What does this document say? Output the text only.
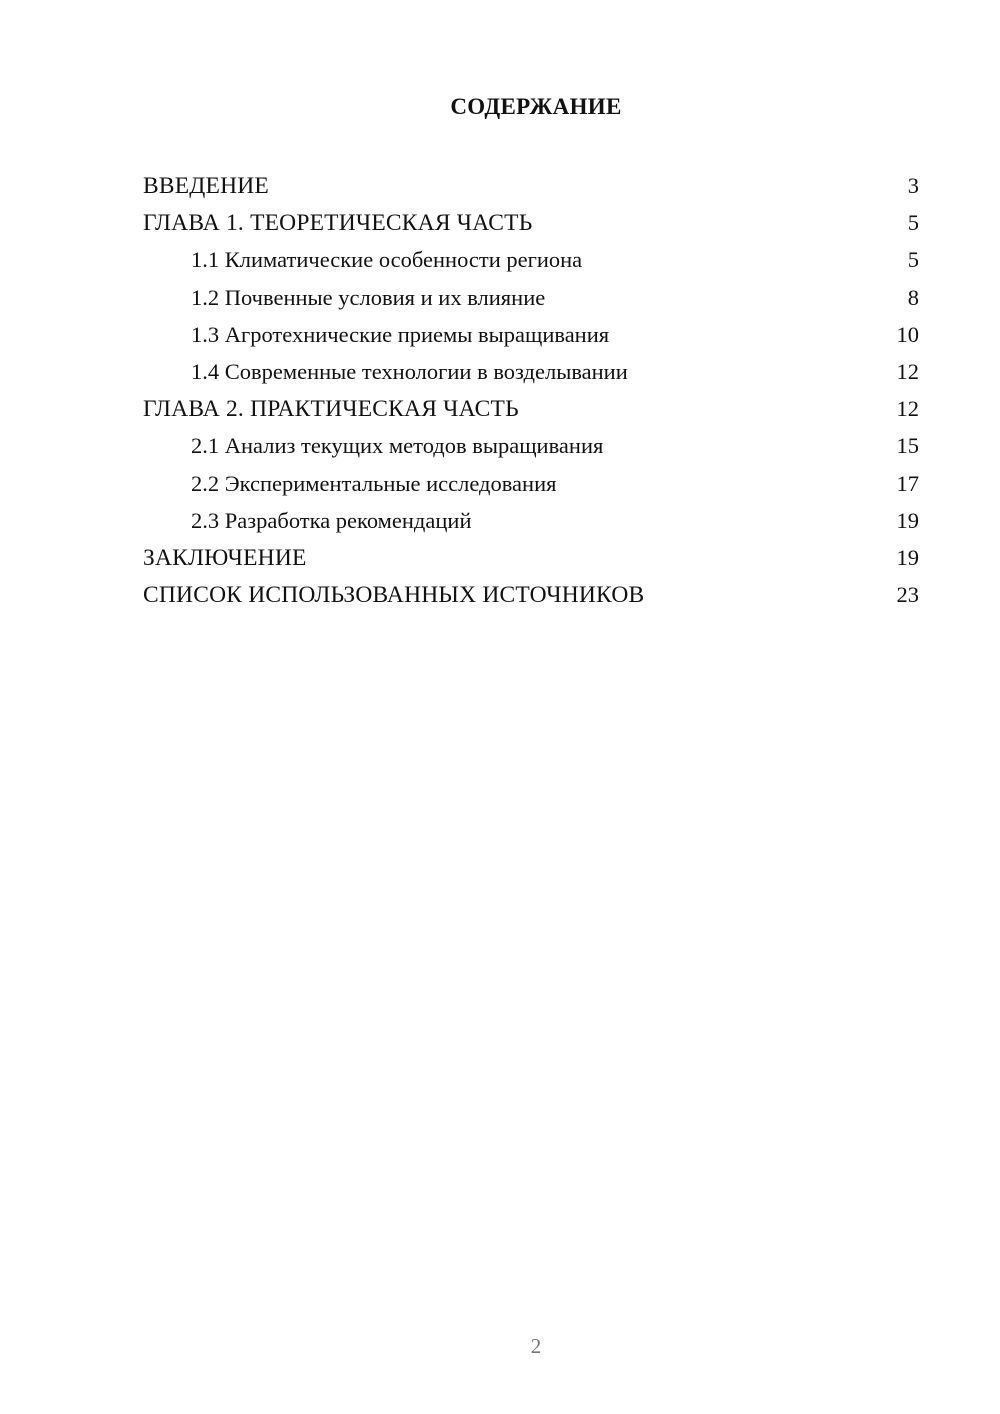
СОДЕРЖАНИЕ
ВВЕДЕНИЕ	3
ГЛАВА 1. ТЕОРЕТИЧЕСКАЯ ЧАСТЬ	5
1.1 Климатические особенности региона	5
1.2 Почвенные условия и их влияние	8
1.3 Агротехнические приемы выращивания	10
1.4 Современные технологии в возделывании	12
ГЛАВА 2. ПРАКТИЧЕСКАЯ ЧАСТЬ	12
2.1 Анализ текущих методов выращивания	15
2.2 Экспериментальные исследования	17
2.3 Разработка рекомендаций	19
ЗАКЛЮЧЕНИЕ	19
СПИСОК ИСПОЛЬЗОВАННЫХ ИСТОЧНИКОВ	23
2
